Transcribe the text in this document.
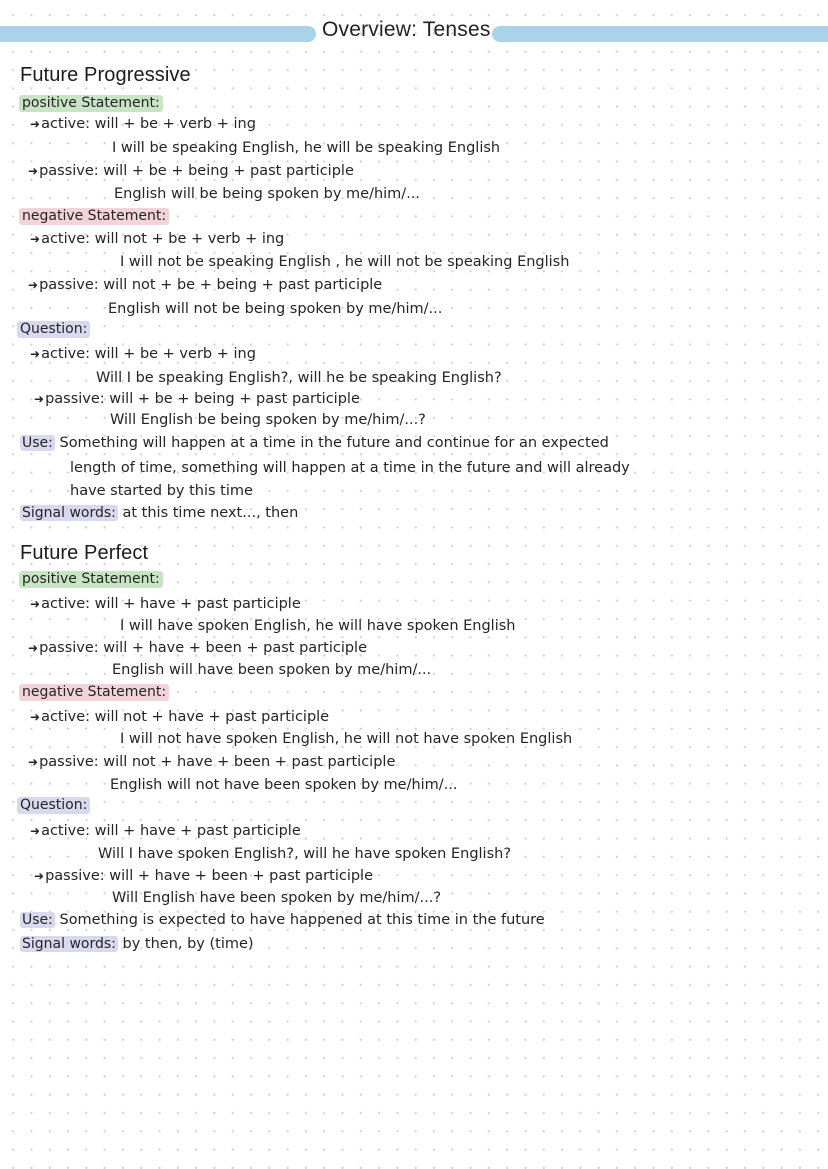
Overview: Tenses
Future Progressive
positive Statement:
➜active: will + be + verb + ing
I will be speaking English, he will be speaking English
➜passive: will + be + being + past participle
English will be being spoken by me/him/...
negative Statement:
➜active: will not + be + verb + ing
I will not be speaking English , he will not be speaking English
➜passive: will not + be + being + past participle
English will not be being spoken by me/him/...
Question:
➜active: will + be + verb + ing
Will I be speaking English?, will he be speaking English?
➜passive: will + be + being + past participle
Will English be being spoken by me/him/...?
Use: Something will happen at a time in the future and continue for an expected
length of time, something will happen at a time in the future and will already
have started by this time
Signal words: at this time next..., then
Future Perfect
positive Statement:
➜active: will + have + past participle
I will have spoken English, he will have spoken English
➜passive: will + have + been + past participle
English will have been spoken by me/him/...
negative Statement:
➜active: will not + have + past participle
I will not have spoken English, he will not have spoken English
➜passive: will not + have + been + past participle
English will not have been spoken by me/him/...
Question:
➜active: will + have + past participle
Will I have spoken English?, will he have spoken English?
➜passive: will + have + been + past participle
Will English have been spoken by me/him/...?
Use: Something is expected to have happened at this time in the future
Signal words: by then, by (time)
